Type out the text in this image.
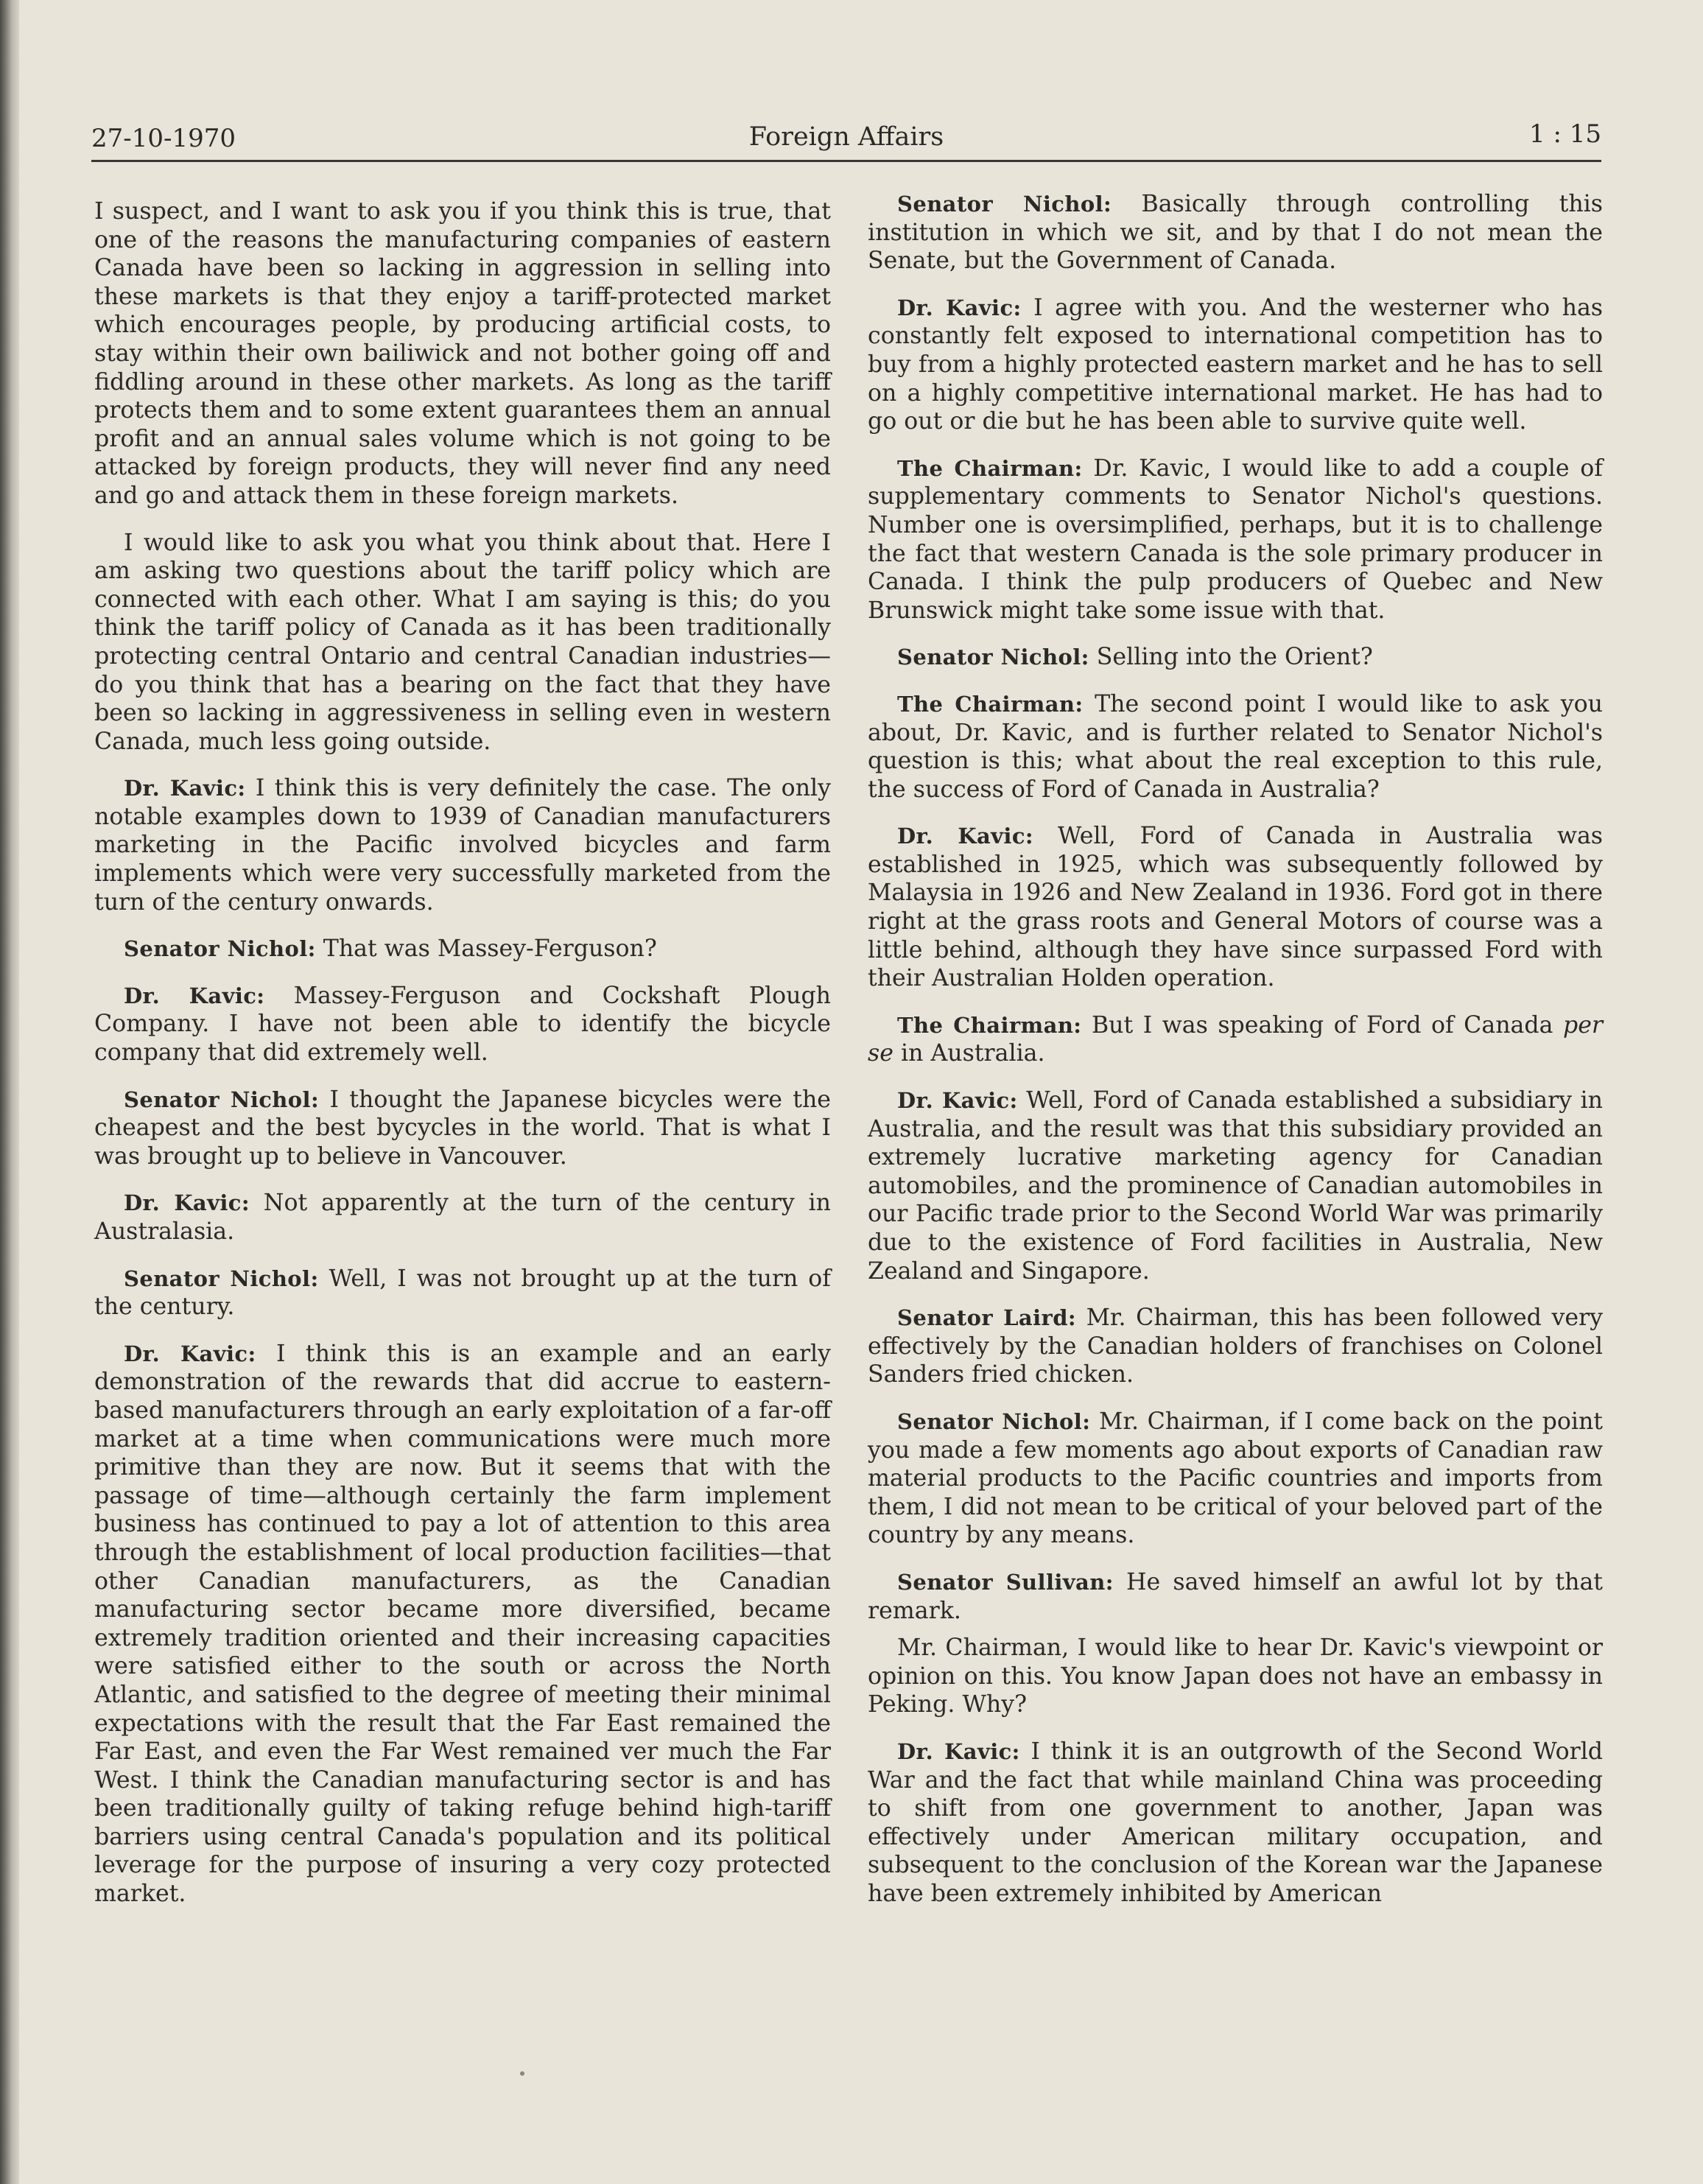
27-10-1970	Foreign Affairs	1 : 15

I suspect, and I want to ask you if you think this is true, that one of the reasons the manufacturing companies of eastern Canada have been so lacking in aggression in selling into these markets is that they enjoy a tariff-protected market which encourages people, by producing artificial costs, to stay within their own bailiwick and not bother going off and fiddling around in these other markets. As long as the tariff protects them and to some extent guarantees them an annual profit and an annual sales volume which is not going to be attacked by foreign products, they will never find any need and go and attack them in these foreign markets.

I would like to ask you what you think about that. Here I am asking two questions about the tariff policy which are connected with each other. What I am saying is this; do you think the tariff policy of Canada as it has been traditionally protecting central Ontario and central Canadian industries—do you think that has a bearing on the fact that they have been so lacking in aggressiveness in selling even in western Canada, much less going outside.

Dr. Kavic: I think this is very definitely the case. The only notable examples down to 1939 of Canadian manufacturers marketing in the Pacific involved bicycles and farm implements which were very successfully marketed from the turn of the century onwards.

Senator Nichol: That was Massey-Ferguson?

Dr. Kavic: Massey-Ferguson and Cockshaft Plough Company. I have not been able to identify the bicycle company that did extremely well.

Senator Nichol: I thought the Japanese bicycles were the cheapest and the best bycycles in the world. That is what I was brought up to believe in Vancouver.

Dr. Kavic: Not apparently at the turn of the century in Australasia.

Senator Nichol: Well, I was not brought up at the turn of the century.

Dr. Kavic: I think this is an example and an early demonstration of the rewards that did accrue to eastern-based manufacturers through an early exploitation of a far-off market at a time when communications were much more primitive than they are now. But it seems that with the passage of time—although certainly the farm implement business has continued to pay a lot of attention to this area through the establishment of local production facilities—that other Canadian manufacturers, as the Canadian manufacturing sector became more diversified, became extremely tradition oriented and their increasing capacities were satisfied either to the south or across the North Atlantic, and satisfied to the degree of meeting their minimal expectations with the result that the Far East remained the Far East, and even the Far West remained ver much the Far West. I think the Canadian manufacturing sector is and has been traditionally guilty of taking refuge behind high-tariff barriers using central Canada's population and its political leverage for the purpose of insuring a very cozy protected market.

Senator Nichol: Basically through controlling this institution in which we sit, and by that I do not mean the Senate, but the Government of Canada.

Dr. Kavic: I agree with you. And the westerner who has constantly felt exposed to international competition has to buy from a highly protected eastern market and he has to sell on a highly competitive international market. He has had to go out or die but he has been able to survive quite well.

The Chairman: Dr. Kavic, I would like to add a couple of supplementary comments to Senator Nichol's questions. Number one is oversimplified, perhaps, but it is to challenge the fact that western Canada is the sole primary producer in Canada. I think the pulp producers of Quebec and New Brunswick might take some issue with that.

Senator Nichol: Selling into the Orient?

The Chairman: The second point I would like to ask you about, Dr. Kavic, and is further related to Senator Nichol's question is this; what about the real exception to this rule, the success of Ford of Canada in Australia?

Dr. Kavic: Well, Ford of Canada in Australia was established in 1925, which was subsequently followed by Malaysia in 1926 and New Zealand in 1936. Ford got in there right at the grass roots and General Motors of course was a little behind, although they have since surpassed Ford with their Australian Holden operation.

The Chairman: But I was speaking of Ford of Canada per se in Australia.

Dr. Kavic: Well, Ford of Canada established a subsidiary in Australia, and the result was that this subsidiary provided an extremely lucrative marketing agency for Canadian automobiles, and the prominence of Canadian automobiles in our Pacific trade prior to the Second World War was primarily due to the existence of Ford facilities in Australia, New Zealand and Singapore.

Senator Laird: Mr. Chairman, this has been followed very effectively by the Canadian holders of franchises on Colonel Sanders fried chicken.

Senator Nichol: Mr. Chairman, if I come back on the point you made a few moments ago about exports of Canadian raw material products to the Pacific countries and imports from them, I did not mean to be critical of your beloved part of the country by any means.

Senator Sullivan: He saved himself an awful lot by that remark.

Mr. Chairman, I would like to hear Dr. Kavic's viewpoint or opinion on this. You know Japan does not have an embassy in Peking. Why?

Dr. Kavic: I think it is an outgrowth of the Second World War and the fact that while mainland China was proceeding to shift from one government to another, Japan was effectively under American military occupation, and subsequent to the conclusion of the Korean war the Japanese have been extremely inhibited by American
